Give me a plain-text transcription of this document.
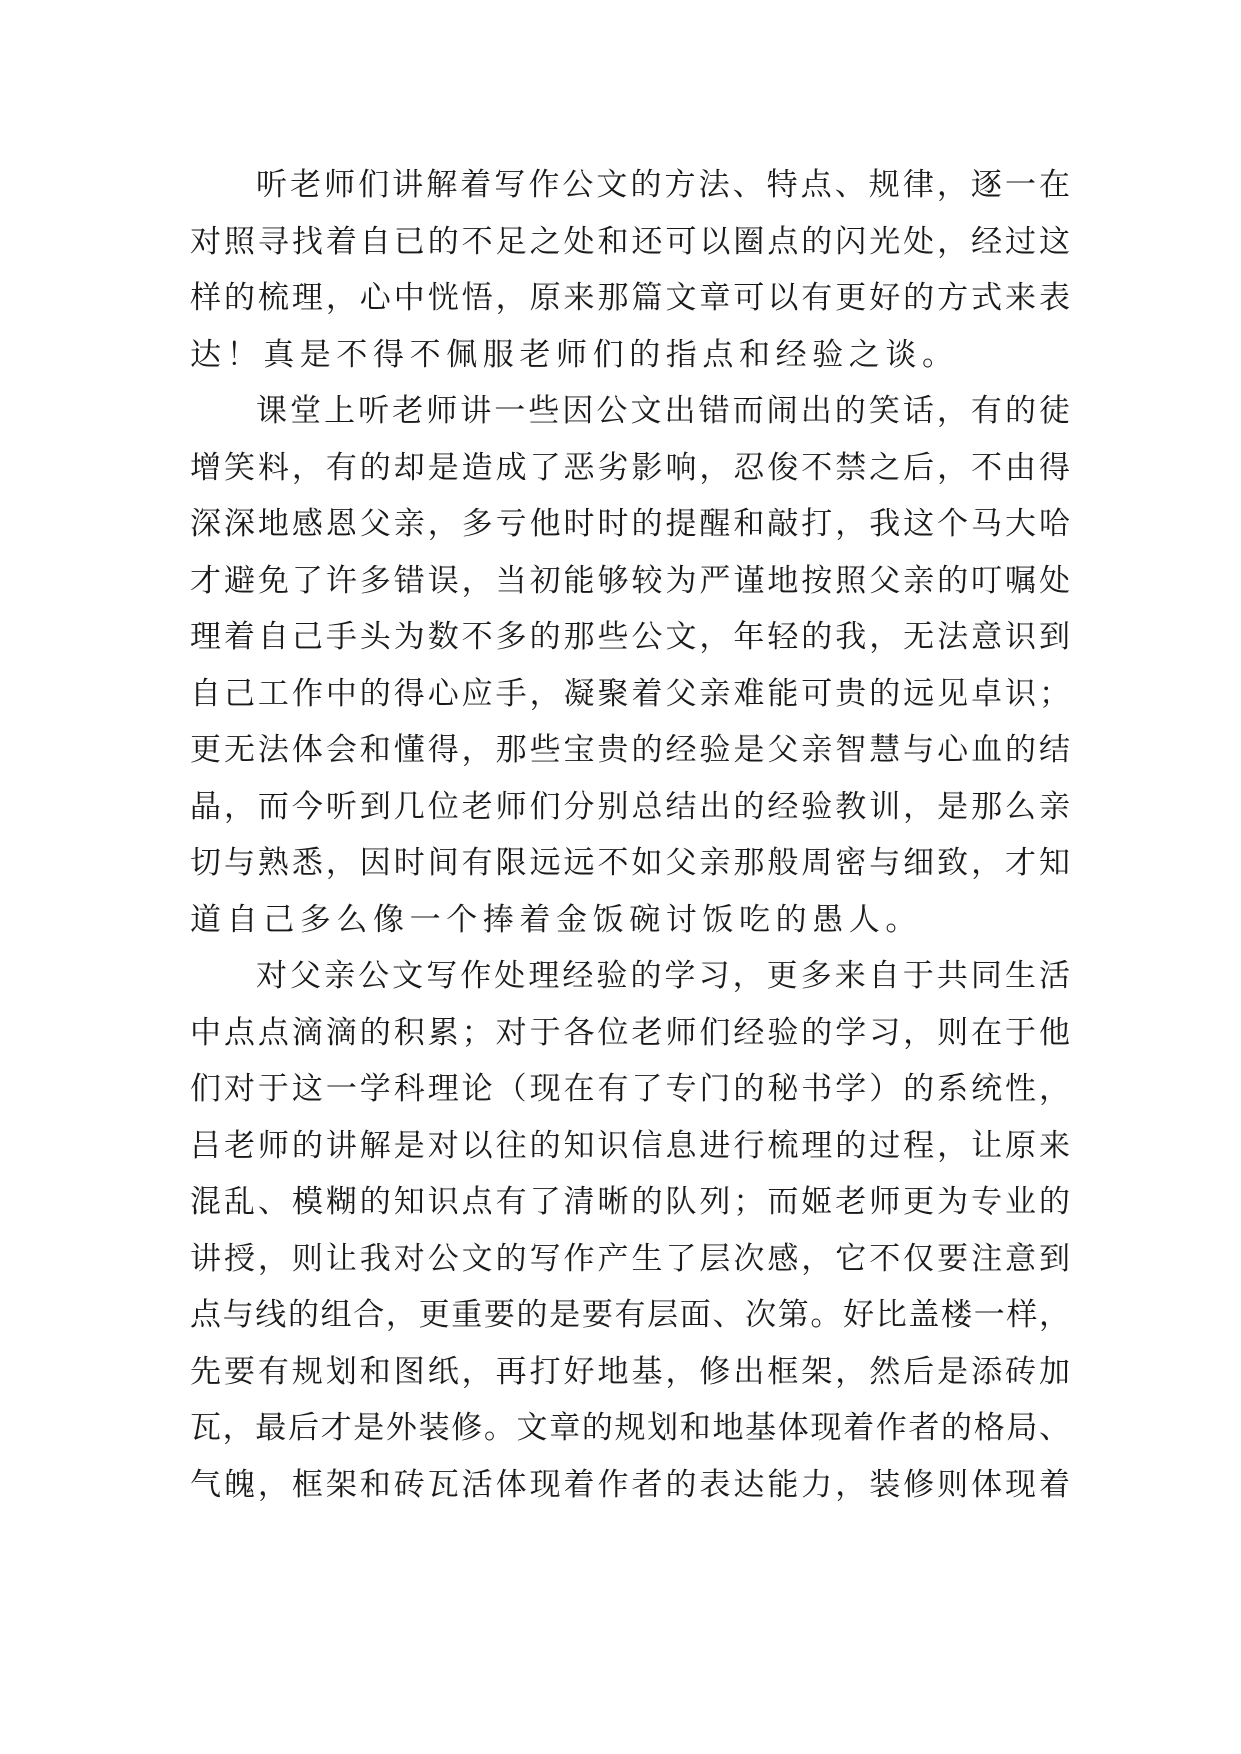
听老师们讲解着写作公文的方法、特点、规律，逐一在
对照寻找着自已的不足之处和还可以圈点的闪光处，经过这
样的梳理，心中恍悟，原来那篇文章可以有更好的方式来表
达！真是不得不佩服老师们的指点和经验之谈。
课堂上听老师讲一些因公文出错而闹出的笑话，有的徒
增笑料，有的却是造成了恶劣影响，忍俊不禁之后，不由得
深深地感恩父亲，多亏他时时的提醒和敲打，我这个马大哈
才避免了许多错误，当初能够较为严谨地按照父亲的叮嘱处
理着自己手头为数不多的那些公文，年轻的我，无法意识到
自己工作中的得心应手，凝聚着父亲难能可贵的远见卓识；
更无法体会和懂得，那些宝贵的经验是父亲智慧与心血的结
晶，而今听到几位老师们分别总结出的经验教训，是那么亲
切与熟悉，因时间有限远远不如父亲那般周密与细致，才知
道自己多么像一个捧着金饭碗讨饭吃的愚人。
对父亲公文写作处理经验的学习，更多来自于共同生活
中点点滴滴的积累；对于各位老师们经验的学习，则在于他
们对于这一学科理论（现在有了专门的秘书学）的系统性，
吕老师的讲解是对以往的知识信息进行梳理的过程，让原来
混乱、模糊的知识点有了清晰的队列；而姬老师更为专业的
讲授，则让我对公文的写作产生了层次感，它不仅要注意到
点与线的组合，更重要的是要有层面、次第。好比盖楼一样，
先要有规划和图纸，再打好地基，修出框架，然后是添砖加
瓦，最后才是外装修。文章的规划和地基体现着作者的格局、
气魄，框架和砖瓦活体现着作者的表达能力，装修则体现着
